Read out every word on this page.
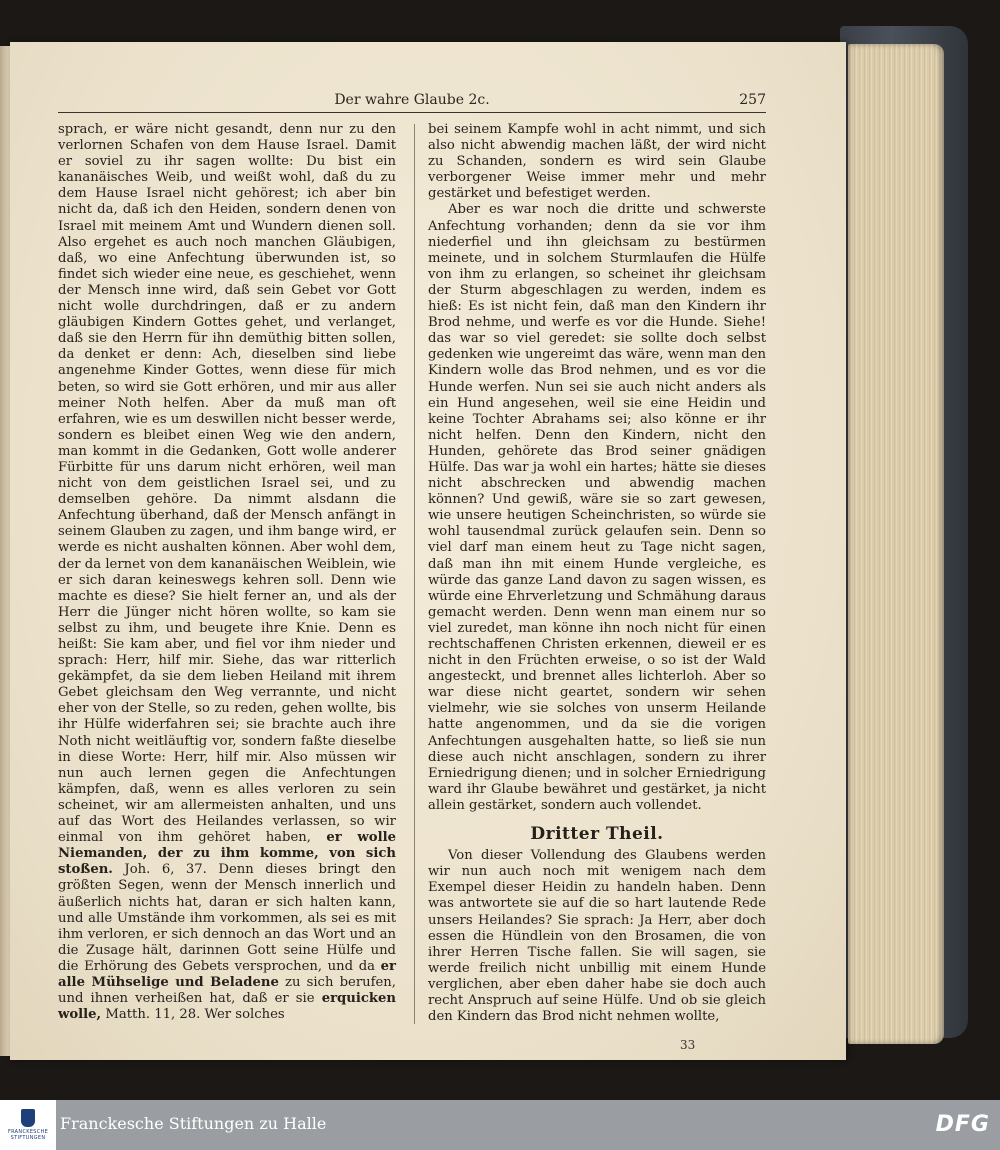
Der wahre Glaube 2c.	257

sprach, er wäre nicht gesandt, denn nur zu den verlornen Schafen von dem Hause Israel. Damit er soviel zu ihr sagen wollte: Du bist ein kananäisches Weib, und weißt wohl, daß du zu dem Hause Israel nicht gehörest; ich aber bin nicht da, daß ich den Heiden, sondern denen von Israel mit meinem Amt und Wundern dienen soll. Also ergehet es auch noch manchen Gläubigen, daß, wo eine Anfechtung überwunden ist, so findet sich wieder eine neue, es geschiehet, wenn der Mensch inne wird, daß sein Gebet vor Gott nicht wolle durchdringen, daß er zu andern gläubigen Kindern Gottes gehet, und verlanget, daß sie den Herrn für ihn demüthig bitten sollen, da denket er denn: Ach, dieselben sind liebe angenehme Kinder Gottes, wenn diese für mich beten, so wird sie Gott erhören, und mir aus aller meiner Noth helfen. Aber da muß man oft erfahren, wie es um deswillen nicht besser werde, sondern es bleibet einen Weg wie den andern, man kommt in die Gedanken, Gott wolle anderer Fürbitte für uns darum nicht erhören, weil man nicht von dem geistlichen Israel sei, und zu demselben gehöre. Da nimmt alsdann die Anfechtung überhand, daß der Mensch anfängt in seinem Glauben zu zagen, und ihm bange wird, er werde es nicht aushalten können. Aber wohl dem, der da lernet von dem kananäischen Weiblein, wie er sich daran keineswegs kehren soll. Denn wie machte es diese? Sie hielt ferner an, und als der Herr die Jünger nicht hören wollte, so kam sie selbst zu ihm, und beugete ihre Knie. Denn es heißt: Sie kam aber, und fiel vor ihm nieder und sprach: Herr, hilf mir. Siehe, das war ritterlich gekämpfet, da sie dem lieben Heiland mit ihrem Gebet gleichsam den Weg verrannte, und nicht eher von der Stelle, so zu reden, gehen wollte, bis ihr Hülfe widerfahren sei; sie brachte auch ihre Noth nicht weitläuftig vor, sondern faßte dieselbe in diese Worte: Herr, hilf mir. Also müssen wir nun auch lernen gegen die Anfechtungen kämpfen, daß, wenn es alles verloren zu sein scheinet, wir am allermeisten anhalten, und uns auf das Wort des Heilandes verlassen, so wir einmal von ihm gehöret haben, er wolle Niemanden, der zu ihm komme, von sich stoßen. Joh. 6, 37. Denn dieses bringt den größten Segen, wenn der Mensch innerlich und äußerlich nichts hat, daran er sich halten kann, und alle Umstände ihm vorkommen, als sei es mit ihm verloren, er sich dennoch an das Wort und an die Zusage hält, darinnen Gott seine Hülfe und die Erhörung des Gebets versprochen, und da er alle Mühselige und Beladene zu sich berufen, und ihnen verheißen hat, daß er sie erquicken wolle, Matth. 11, 28. Wer solches

bei seinem Kampfe wohl in acht nimmt, und sich also nicht abwendig machen läßt, der wird nicht zu Schanden, sondern es wird sein Glaube verborgener Weise immer mehr und mehr gestärket und befestiget werden.

Aber es war noch die dritte und schwerste Anfechtung vorhanden; denn da sie vor ihm niederfiel und ihn gleichsam zu bestürmen meinete, und in solchem Sturmlaufen die Hülfe von ihm zu erlangen, so scheinet ihr gleichsam der Sturm abgeschlagen zu werden, indem es hieß: Es ist nicht fein, daß man den Kindern ihr Brod nehme, und werfe es vor die Hunde. Siehe! das war so viel geredet: sie sollte doch selbst gedenken wie ungereimt das wäre, wenn man den Kindern wolle das Brod nehmen, und es vor die Hunde werfen. Nun sei sie auch nicht anders als ein Hund angesehen, weil sie eine Heidin und keine Tochter Abrahams sei; also könne er ihr nicht helfen. Denn den Kindern, nicht den Hunden, gehörete das Brod seiner gnädigen Hülfe. Das war ja wohl ein hartes; hätte sie dieses nicht abschrecken und abwendig machen können? Und gewiß, wäre sie so zart gewesen, wie unsere heutigen Scheinchristen, so würde sie wohl tausendmal zurück gelaufen sein. Denn so viel darf man einem heut zu Tage nicht sagen, daß man ihn mit einem Hunde vergleiche, es würde das ganze Land davon zu sagen wissen, es würde eine Ehrverletzung und Schmähung daraus gemacht werden. Denn wenn man einem nur so viel zuredet, man könne ihn noch nicht für einen rechtschaffenen Christen erkennen, dieweil er es nicht in den Früchten erweise, o so ist der Wald angesteckt, und brennet alles lichterloh. Aber so war diese nicht geartet, sondern wir sehen vielmehr, wie sie solches von unserm Heilande hatte angenommen, und da sie die vorigen Anfechtungen ausgehalten hatte, so ließ sie nun diese auch nicht anschlagen, sondern zu ihrer Erniedrigung dienen; und in solcher Erniedrigung ward ihr Glaube bewähret und gestärket, ja nicht allein gestärket, sondern auch vollendet.

Dritter Theil.

Von dieser Vollendung des Glaubens werden wir nun auch noch mit wenigem nach dem Exempel dieser Heidin zu handeln haben. Denn was antwortete sie auf die so hart lautende Rede unsers Heilandes? Sie sprach: Ja Herr, aber doch essen die Hündlein von den Brosamen, die von ihrer Herren Tische fallen. Sie will sagen, sie werde freilich nicht unbillig mit einem Hunde verglichen, aber eben daher habe sie doch auch recht Anspruch auf seine Hülfe. Und ob sie gleich den Kindern das Brod nicht nehmen wollte,

33
FRANCKESCHE
STIFTUNGEN
Franckesche Stiftungen zu Halle	DFG
